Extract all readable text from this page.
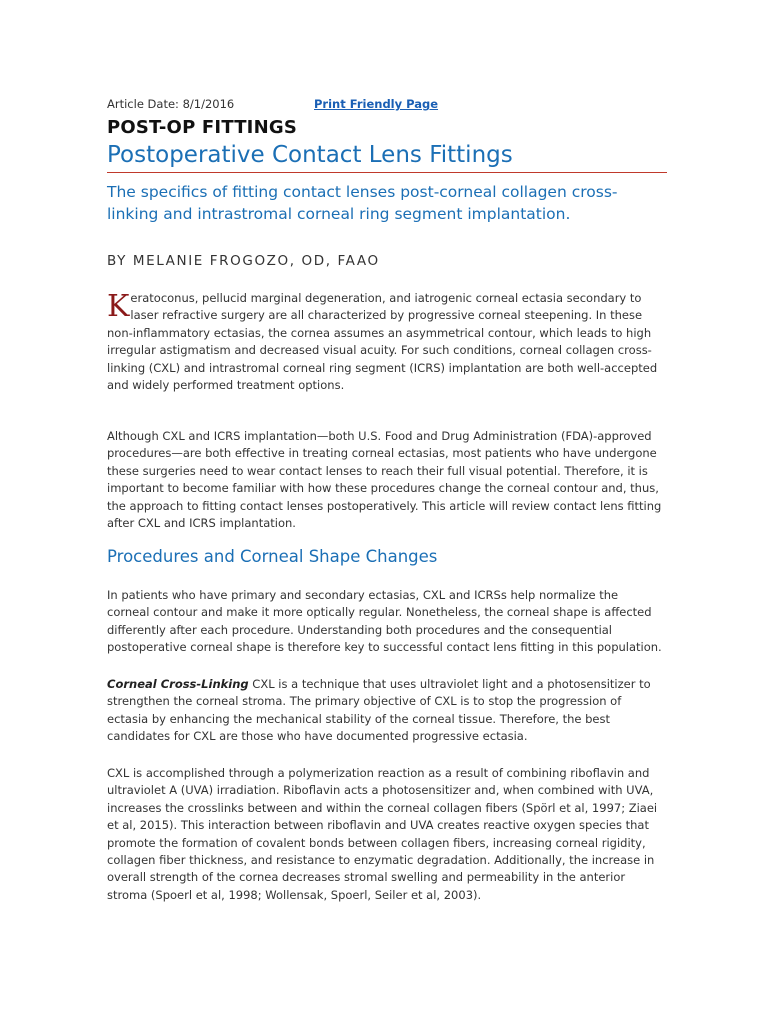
Article Date: 8/1/2016	Print Friendly Page
POST-OP FITTINGS
Postoperative Contact Lens Fittings
The specifics of fitting contact lenses post-corneal collagen cross-linking and intrastromal corneal ring segment implantation.
BY MELANIE FROGOZO, OD, FAAO

Keratoconus, pellucid marginal degeneration, and iatrogenic corneal ectasia secondary to laser refractive surgery are all characterized by progressive corneal steepening. In these non-inflammatory ectasias, the cornea assumes an asymmetrical contour, which leads to high irregular astigmatism and decreased visual acuity. For such conditions, corneal collagen cross-linking (CXL) and intrastromal corneal ring segment (ICRS) implantation are both well-accepted and widely performed treatment options.

Although CXL and ICRS implantation—both U.S. Food and Drug Administration (FDA)-approved procedures—are both effective in treating corneal ectasias, most patients who have undergone these surgeries need to wear contact lenses to reach their full visual potential. Therefore, it is important to become familiar with how these procedures change the corneal contour and, thus, the approach to fitting contact lenses postoperatively. This article will review contact lens fitting after CXL and ICRS implantation.

Procedures and Corneal Shape Changes

In patients who have primary and secondary ectasias, CXL and ICRSs help normalize the corneal contour and make it more optically regular. Nonetheless, the corneal shape is affected differently after each procedure. Understanding both procedures and the consequential postoperative corneal shape is therefore key to successful contact lens fitting in this population.

Corneal Cross-Linking CXL is a technique that uses ultraviolet light and a photosensitizer to strengthen the corneal stroma. The primary objective of CXL is to stop the progression of ectasia by enhancing the mechanical stability of the corneal tissue. Therefore, the best candidates for CXL are those who have documented progressive ectasia.

CXL is accomplished through a polymerization reaction as a result of combining riboflavin and ultraviolet A (UVA) irradiation. Riboflavin acts a photosensitizer and, when combined with UVA, increases the crosslinks between and within the corneal collagen fibers (Spörl et al, 1997; Ziaei et al, 2015). This interaction between riboflavin and UVA creates reactive oxygen species that promote the formation of covalent bonds between collagen fibers, increasing corneal rigidity, collagen fiber thickness, and resistance to enzymatic degradation. Additionally, the increase in overall strength of the cornea decreases stromal swelling and permeability in the anterior stroma (Spoerl et al, 1998; Wollensak, Spoerl, Seiler et al, 2003).
